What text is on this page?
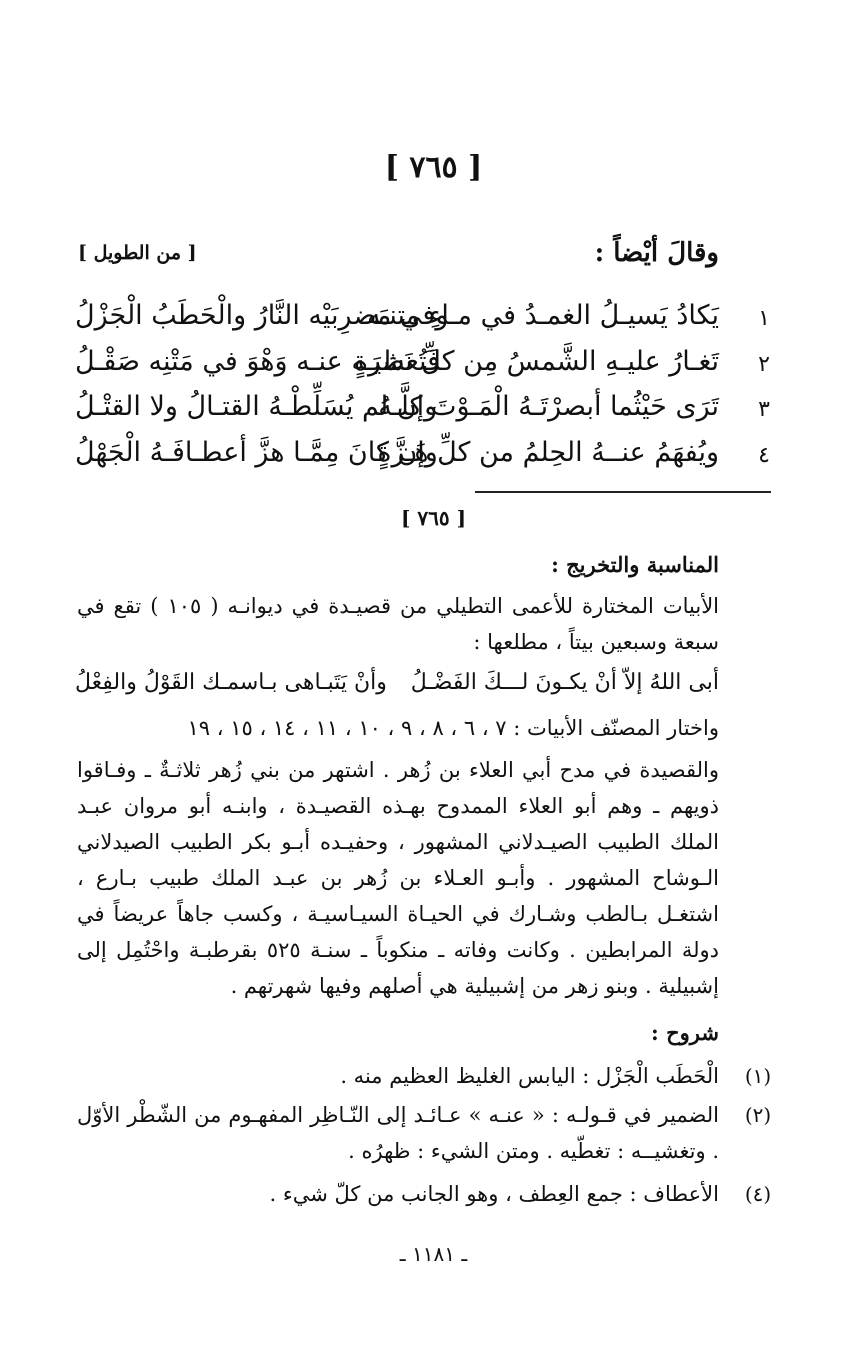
[ ٧٦٥ ]
وقالَ أيْضاً :
[ من الطويل ]
١
يَكادُ يَسيـلُ الغمـدُ في مـاءِ متنـه
وفي مَضرِبَيْه النَّارُ والْحَطَبُ الْجَزْلُ
٢
تَغـارُ عليـهِ الشَّمسُ مِن كلِّ نَظرَةٍ
فَتُعشيـه عنـه وَهْوَ في مَتْنِه صَقْـلُ
٣
تَرَى حَيْثُما أبصرْتَـهُ الْمَـوْتَ كلَّـهُ
وإن لم يُسَلِّطْـهُ القتـالُ ولا القتْـلُ
٤
ويُفهَمُ عنــهُ الحِلمُ من كلِّ هَـزَّةٍ
وإن كانَ مِمَّـا هزَّ أعطـافَـهُ الْجَهْلُ
[ ٧٦٥ ]
المناسبة والتخريج :

الأبيات المختارة للأعمى التطيلي من قصيـدة في ديوانـه ( ١٠٥ ) تقع في سبعة وسبعين بيتاً ، مطلعها :

أبى اللهُ إلاّ أنْ يكـونَ لـــكَ الفَضْـلُ
وأنْ يَتَبـاهى بـاسمـك القَوْلُ والفِعْلُ

واختار المصنّف الأبيات : ٧ ، ٦ ، ٨ ، ٩ ، ١٠ ، ١١ ، ١٤ ، ١٥ ، ١٩

والقصيدة في مدح أبي العلاء بن زُهر . اشتهر من بني زُهر ثلاثـةٌ ـ وفـاقوا ذويهم ـ وهم أبو العلاء الممدوح بهـذه القصيـدة ، وابنـه أبو مروان عبـد الملك الطبيب الصيـدلاني المشهور ، وحفيـده أبـو بكر الطبيب الصيدلاني الـوشاح المشهور . وأبـو العـلاء بن زُهر بن عبـد الملك طبيب بـارع ، اشتغـل بـالطب وشـارك في الحيـاة السيـاسيـة ، وكسب جاهاً عريضاً في دولة المرابطين . وكانت وفاته ـ منكوباً ـ سنـة ٥٢٥ بقرطبـة واحْتُمِل إلى إشبيلية . وبنو زهر من إشبيلية هي أصلهم وفيها شهرتهم .

شروح :
(١)
الْحَطَب الْجَزْل : اليابس الغليظ العظيم منه .
(٢)
الضمير في قـولـه : « عنـه » عـائـد إلى النّـاظِر المفهـوم من الشّطْر الأوّل . وتغشيــه : تغطّيه . ومتن الشيء : ظهرُه .
(٤)
الأعطاف : جمع العِطف ، وهو الجانب من كلّ شيء .
ـ ١١٨١ ـ
